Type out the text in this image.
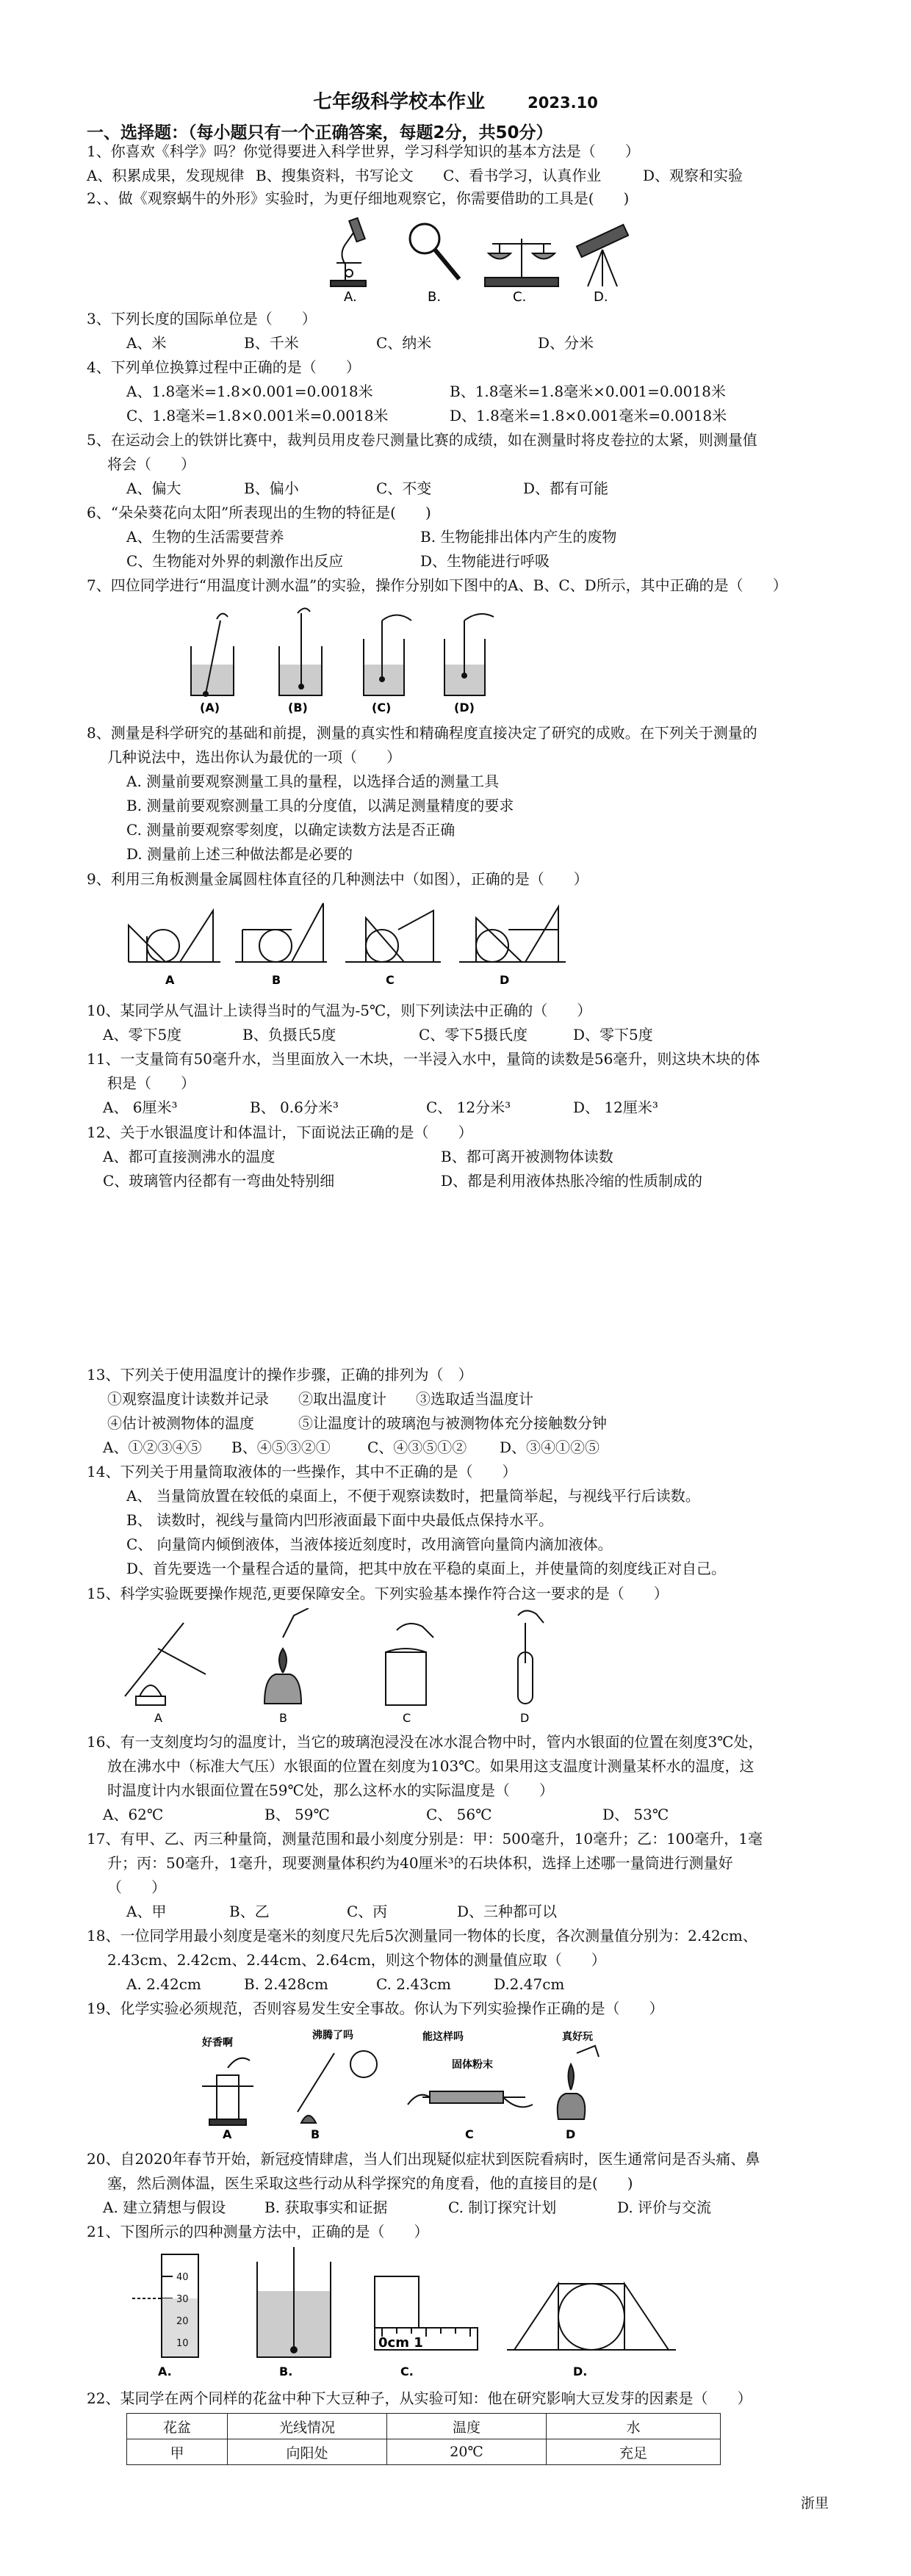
七年级科学校本作业	2023.10
一、选择题：（每小题只有一个正确答案，每题2分，共50分）
1、你喜欢《科学》吗？你觉得要进入科学世界，学习科学知识的基本方法是（　　）
A、积累成果，发现规律 B、搜集资料，书写论文 C、看书学习，认真作业	D、观察和实验
2、、做《观察蜗牛的外形》实验时，为更仔细地观察它，你需要借助的工具是(　　)
A.	B.	C.	D.
3、下列长度的国际单位是（　　）
A、米	B、千米	C、纳米	D、分米
4、下列单位换算过程中正确的是（　　）
A、1.8毫米=1.8×0.001=0.0018米	B、1.8毫米=1.8毫米×0.001=0.0018米
C、1.8毫米=1.8×0.001米=0.0018米	D、1.8毫米=1.8×0.001毫米=0.0018米
5、在运动会上的铁饼比赛中，裁判员用皮卷尺测量比赛的成绩，如在测量时将皮卷拉的太紧，则测量值
将会（　　）
A、偏大	B、偏小	C、不变	D、都有可能
6、“朵朵葵花向太阳”所表现出的生物的特征是(　　)
A、生物的生活需要营养	B. 生物能排出体内产生的废物
C、生物能对外界的刺激作出反应	D、生物能进行呼吸
7、四位同学进行“用温度计测水温”的实验，操作分别如下图中的A、B、C、D所示，其中正确的是（　　）
(A)	(B)	(C)	(D)
8、测量是科学研究的基础和前提，测量的真实性和精确程度直接决定了研究的成败。在下列关于测量的
几种说法中，选出你认为最优的一项（　　）
A. 测量前要观察测量工具的量程，以选择合适的测量工具
B. 测量前要观察测量工具的分度值，以满足测量精度的要求
C. 测量前要观察零刻度，以确定读数方法是否正确
D. 测量前上述三种做法都是必要的
9、利用三角板测量金属圆柱体直径的几种测法中（如图），正确的是（　　）
A	B	C	D
10、某同学从气温计上读得当时的气温为-5℃，则下列读法中正确的（　　）
A、零下5度	B、负摄氏5度	C、零下5摄氏度	D、零下5度
11、一支量筒有50毫升水，当里面放入一木块，一半浸入水中，量筒的读数是56毫升，则这块木块的体
积是（　　）
A、 6厘米³	B、 0.6分米³	C、 12分米³	D、 12厘米³
12、关于水银温度计和体温计，下面说法正确的是（　　）
A、都可直接测沸水的温度	B、都可离开被测物体读数
C、玻璃管内径都有一弯曲处特别细	D、都是利用液体热胀冷缩的性质制成的
13、下列关于使用温度计的操作步骤，正确的排列为（　）
①观察温度计读数并记录　　②取出温度计　　③选取适当温度计
④估计被测物体的温度　　　⑤让温度计的玻璃泡与被测物体充分接触数分钟
A、①②③④⑤ B、④⑤③②①	C、④③⑤①② D、③④①②⑤
14、下列关于用量筒取液体的一些操作，其中不正确的是（　　）
A、 当量筒放置在较低的桌面上，不便于观察读数时，把量筒举起，与视线平行后读数。
B、 读数时，视线与量筒内凹形液面最下面中央最低点保持水平。
C、 向量筒内倾倒液体，当液体接近刻度时，改用滴管向量筒内滴加液体。
D、首先要选一个量程合适的量筒，把其中放在平稳的桌面上，并使量筒的刻度线正对自己。
15、科学实验既要操作规范,更要保障安全。下列实验基本操作符合这一要求的是（　　）
A	B	C	D
16、有一支刻度均匀的温度计，当它的玻璃泡浸没在冰水混合物中时，管内水银面的位置在刻度3℃处，
放在沸水中（标准大气压）水银面的位置在刻度为103℃。如果用这支温度计测量某杯水的温度，这
时温度计内水银面位置在59℃处，那么这杯水的实际温度是（　　）
A、62℃	B、 59℃	C、 56℃	D、 53℃
17、有甲、乙、丙三种量筒，测量范围和最小刻度分别是：甲：500毫升，10毫升；乙：100毫升，1毫
升；丙：50毫升，1毫升，现要测量体积约为40厘米³的石块体积，选择上述哪一量筒进行测量好
（　　）
A、甲	B、乙	C、丙	D、三种都可以
18、一位同学用最小刻度是毫米的刻度尺先后5次测量同一物体的长度，各次测量值分别为：2.42cm、
2.43cm、2.42cm、2.44cm、2.64cm，则这个物体的测量值应取（　　）
A. 2.42cm	B. 2.428cm	C. 2.43cm	D.2.47cm
19、化学实验必须规范，否则容易发生安全事故。你认为下列实验操作正确的是（　　）
好香啊
沸腾了吗	能这样吗
固体粉末
真好玩
A	B	C	D
20、自2020年春节开始，新冠疫情肆虐，当人们出现疑似症状到医院看病时，医生通常问是否头痛、鼻
塞，然后测体温，医生采取这些行动从科学探究的角度看，他的直接目的是(　　)
A. 建立猜想与假设	B. 获取事实和证据	C. 制订探究计划	D. 评价与交流
21、下图所示的四种测量方法中，正确的是（　　）
40
30
20
10	0cm 1
A.	B.	C.	D.
22、某同学在两个同样的花盆中种下大豆种子，从实验可知：他在研究影响大豆发芽的因素是（　　）
花盆	光线情况	温度	水
甲	向阳处	20℃	充足
浙里
